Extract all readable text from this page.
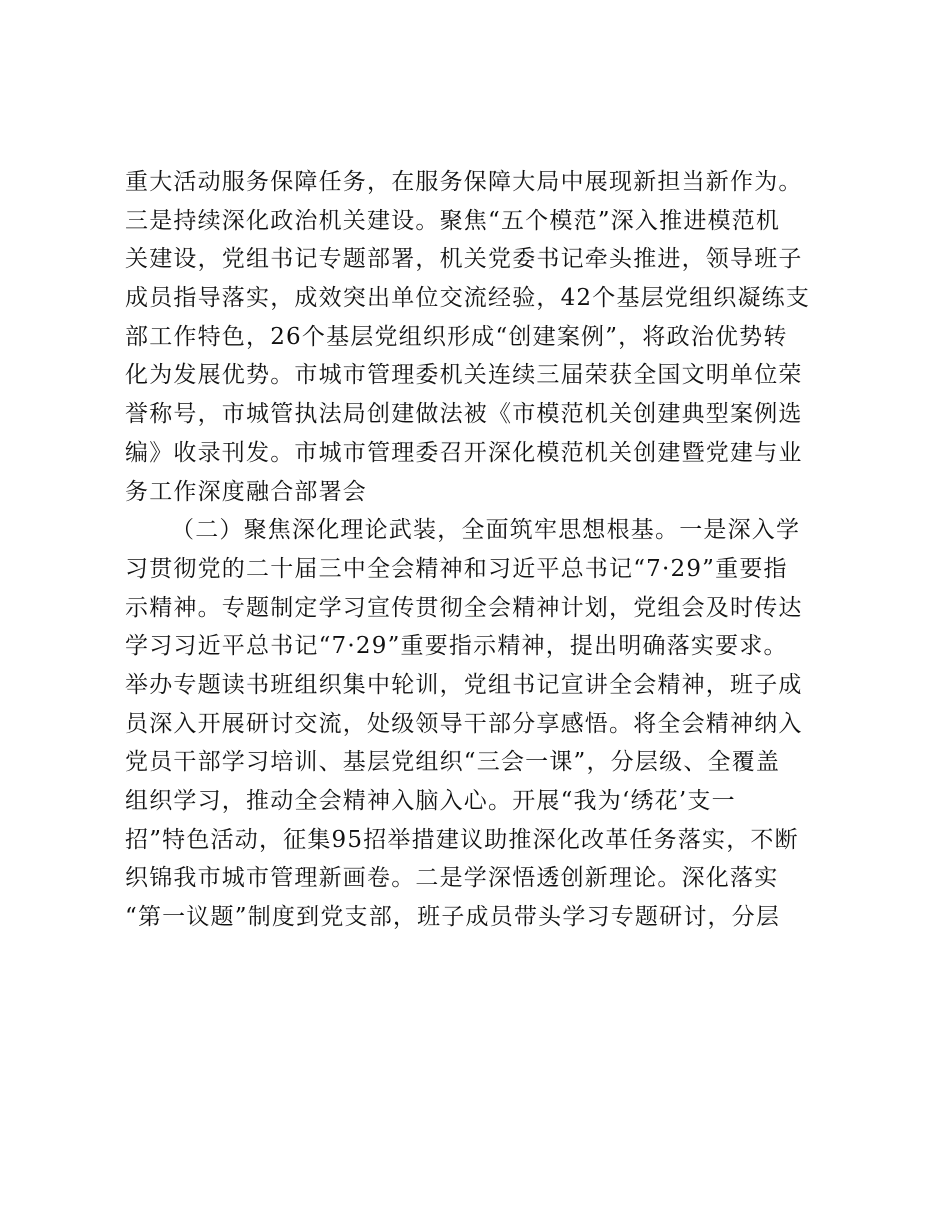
重大活动服务保障任务，在服务保障大局中展现新担当新作为。
三是持续深化政治机关建设。聚焦“五个模范”深入推进模范机
关建设，党组书记专题部署，机关党委书记牵头推进，领导班子
成员指导落实，成效突出单位交流经验，42个基层党组织凝练支
部工作特色，26个基层党组织形成“创建案例”，将政治优势转
化为发展优势。市城市管理委机关连续三届荣获全国文明单位荣
誉称号，市城管执法局创建做法被《市模范机关创建典型案例选
编》收录刊发。市城市管理委召开深化模范机关创建暨党建与业
务工作深度融合部署会
（二）聚焦深化理论武装，全面筑牢思想根基。一是深入学
习贯彻党的二十届三中全会精神和习近平总书记“7·29”重要指
示精神。专题制定学习宣传贯彻全会精神计划，党组会及时传达
学习习近平总书记“7·29”重要指示精神，提出明确落实要求。
举办专题读书班组织集中轮训，党组书记宣讲全会精神，班子成
员深入开展研讨交流，处级领导干部分享感悟。将全会精神纳入
党员干部学习培训、基层党组织“三会一课”，分层级、全覆盖
组织学习，推动全会精神入脑入心。开展“我为‘绣花’支一
招”特色活动，征集95招举措建议助推深化改革任务落实，不断
织锦我市城市管理新画卷。二是学深悟透创新理论。深化落实
“第一议题”制度到党支部，班子成员带头学习专题研讨，分层
